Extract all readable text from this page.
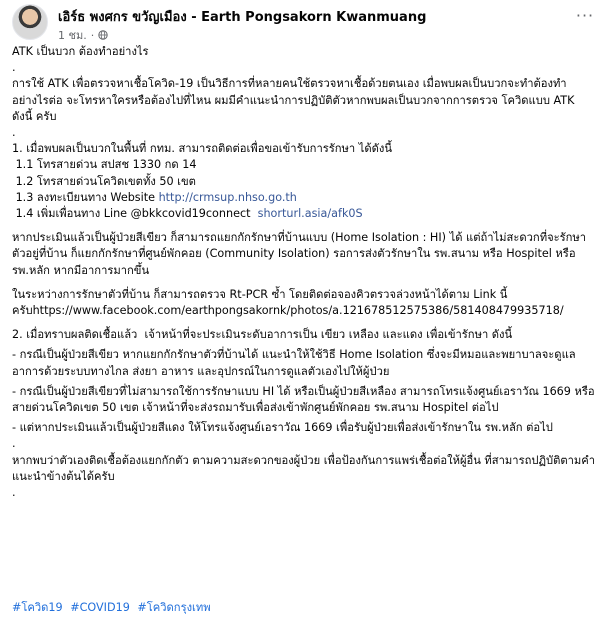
เอิร์ธ พงศกร ขวัญเมือง - Earth Pongsakorn Kwanmuang
1 ชม. ·
···

ATK เป็นบวก ต้องทำอย่างไร

.

การใช้ ATK เพื่อตรวจหาเชื้อโควิด-19 เป็นวิธีการที่หลายคนใช้ตรวจหาเชื้อด้วยตนเอง เมื่อพบผลเป็นบวกจะทำต้องทำอย่างไรต่อ จะโทรหาใครหรือต้องไปที่ไหน ผมมีคำแนะนำการปฏิบัติตัวหากพบผลเป็นบวกจากการตรวจ โควิดแบบ ATK ดังนี้ ครับ

.

1. เมื่อพบผลเป็นบวกในพื้นที่ กทม. สามารถติดต่อเพื่อขอเข้ารับการรักษา ได้ดังนี้

1.1 โทรสายด่วน สปสช 1330 กด 14

1.2 โทรสายด่วนโควิดเขตทั้ง 50 เขต

1.3 ลงทะเบียนทาง Website http://crmsup.nhso.go.th

1.4 เพิ่มเพื่อนทาง Line @bkkcovid19connect  shorturl.asia/afk0S

หากประเมินแล้วเป็นผู้ป่วยสีเขียว ก็สามารถแยกกักรักษาที่บ้านแบบ (Home Isolation : HI) ได้ แต่ถ้าไม่สะดวกที่จะรักษาตัวอยู่ที่บ้าน ก็แยกกักรักษาที่ศูนย์พักคอย (Community Isolation) รอการส่งตัวรักษาใน รพ.สนาม หรือ Hospitel หรือ รพ.หลัก หากมีอาการมากขึ้น

ในระหว่างการรักษาตัวที่บ้าน ก็สามารถตรวจ Rt-PCR ซ้ำ โดยติดต่อจองคิวตรวจล่วงหน้าได้ตาม Link นี้ ครับhttps://www.facebook.com/earthpongsakornk/photos/a.121678512575386/581408479935718/

2. เมื่อทราบผลติดเชื้อแล้ว  เจ้าหน้าที่จะประเมินระดับอาการเป็น เขียว เหลือง และแดง เพื่อเข้ารักษา ดังนี้

- กรณีเป็นผู้ป่วยสีเขียว หากแยกกักรักษาตัวที่บ้านได้ แนะนำให้ใช้วิธี Home Isolation ซึ่งจะมีหมอและพยาบาลจะดูแลอาการด้วยระบบทางไกล ส่งยา อาหาร และอุปกรณ์ในการดูแลตัวเองไปให้ผู้ป่วย

- กรณีเป็นผู้ป่วยสีเขียวที่ไม่สามารถใช้การรักษาแบบ HI ได้ หรือเป็นผู้ป่วยสีเหลือง สามารถโทรแจ้งศูนย์เอราวัณ 1669 หรือสายด่วนโควิดเขต 50 เขต เจ้าหน้าที่จะส่งรถมารับเพื่อส่งเข้าพักศูนย์พักคอย รพ.สนาม Hospitel ต่อไป

- แต่หากประเมินแล้วเป็นผู้ป่วยสีแดง ให้โทรแจ้งศูนย์เอราวัณ 1669 เพื่อรับผู้ป่วยเพื่อส่งเข้ารักษาใน รพ.หลัก ต่อไป

.

หากพบว่าตัวเองติดเชื้อต้องแยกกักตัว ตามความสะดวกของผู้ป่วย เพื่อป้องกันการแพร่เชื้อต่อให้ผู้อื่น ที่สามารถปฏิบัติตามคำแนะนำข้างต้นได้ครับ

.

#โควิด19 #COVID19 #โควิดกรุงเทพ
